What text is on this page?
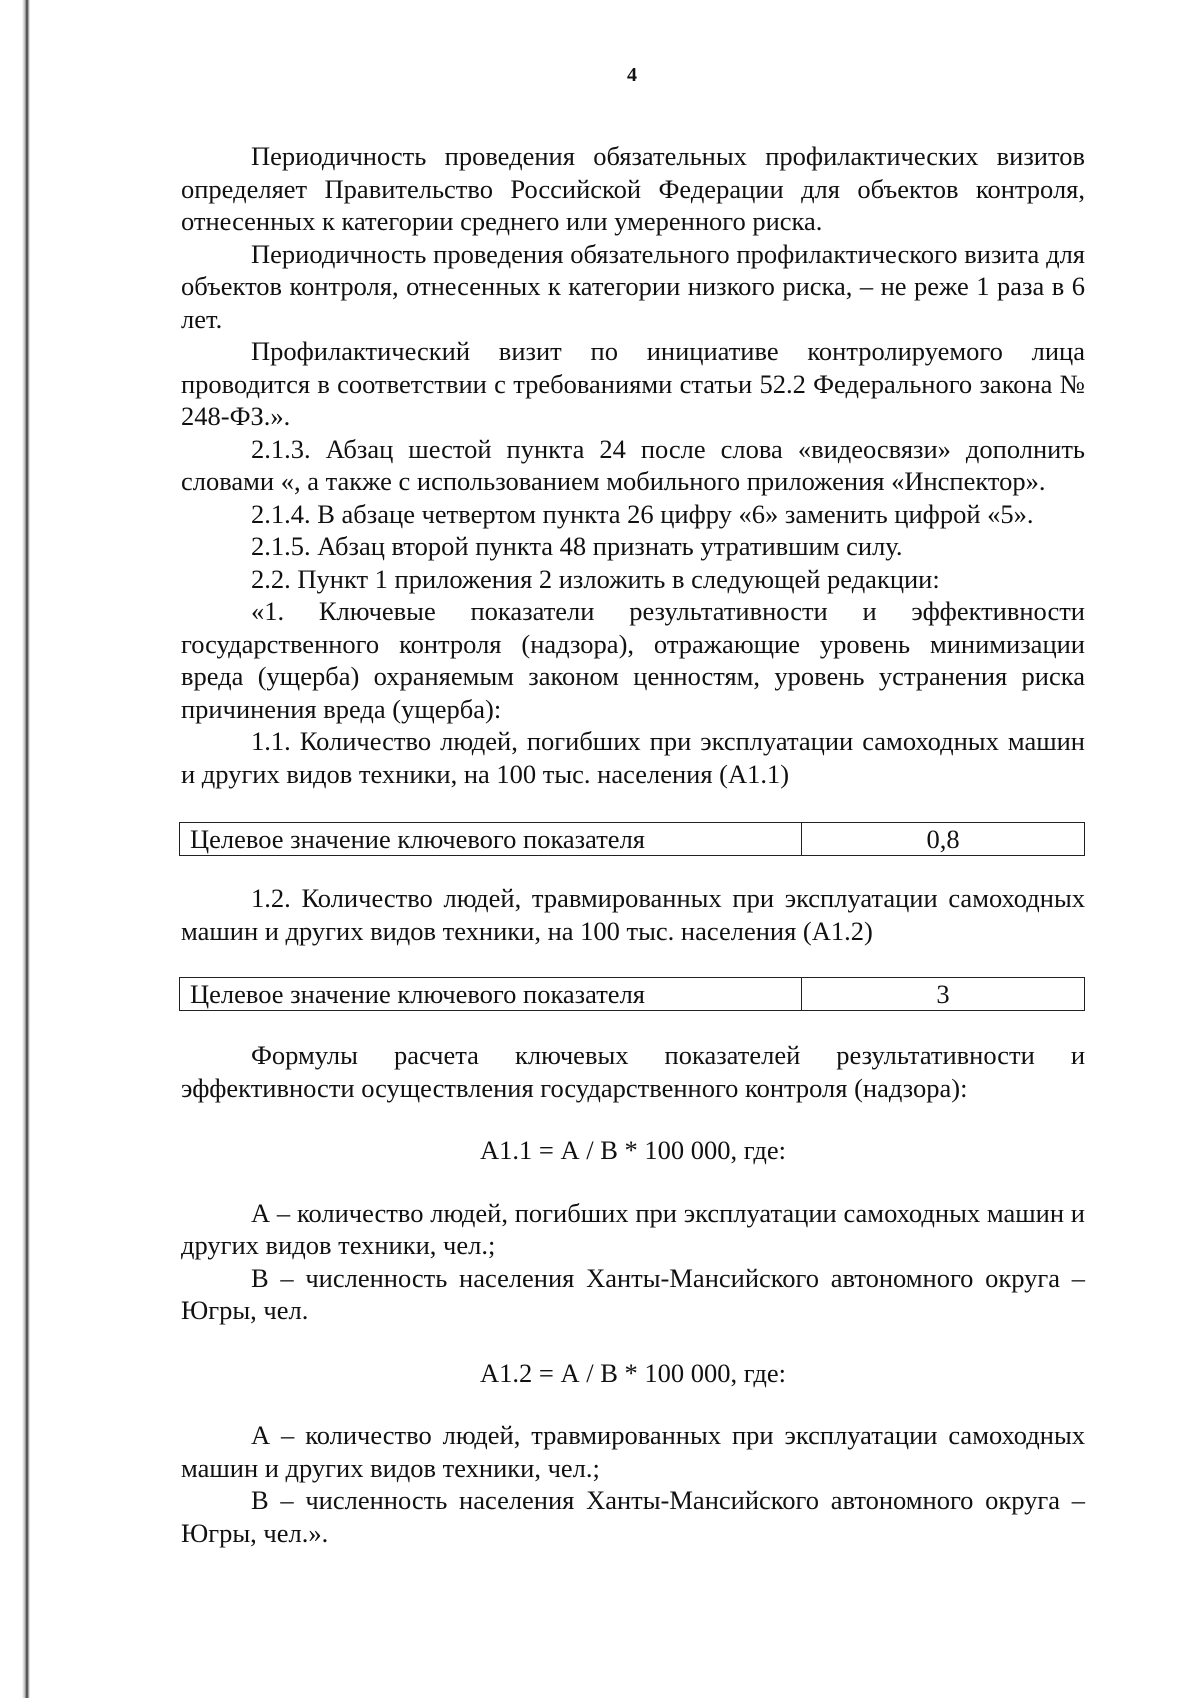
4

Периодичность проведения обязательных профилактических визитов определяет Правительство Российской Федерации для объектов контроля, отнесенных к категории среднего или умеренного риска.

Периодичность проведения обязательного профилактического визита для объектов контроля, отнесенных к категории низкого риска, – не реже 1 раза в 6 лет.

Профилактический визит по инициативе контролируемого лица проводится в соответствии с требованиями статьи 52.2 Федерального закона № 248-ФЗ.».

2.1.3. Абзац шестой пункта 24 после слова «видеосвязи» дополнить словами «, а также с использованием мобильного приложения «Инспектор».

2.1.4. В абзаце четвертом пункта 26 цифру «6» заменить цифрой «5».

2.1.5. Абзац второй пункта 48 признать утратившим силу.

2.2. Пункт 1 приложения 2 изложить в следующей редакции:

«1. Ключевые показатели результативности и эффективности государственного контроля (надзора), отражающие уровень минимизации вреда (ущерба) охраняемым законом ценностям, уровень устранения риска причинения вреда (ущерба):

1.1. Количество людей, погибших при эксплуатации самоходных машин и других видов техники, на 100 тыс. населения (А1.1)

Целевое значение ключевого показателя	0,8

1.2. Количество людей, травмированных при эксплуатации самоходных машин и других видов техники, на 100 тыс. населения (А1.2)

Целевое значение ключевого показателя	3

Формулы расчета ключевых показателей результативности и эффективности осуществления государственного контроля (надзора):

А1.1 = А / В * 100 000, где:

А – количество людей, погибших при эксплуатации самоходных машин и других видов техники, чел.;

В – численность населения Ханты-Мансийского автономного округа – Югры, чел.

А1.2 = А / В * 100 000, где:

А – количество людей, травмированных при эксплуатации самоходных машин и других видов техники, чел.;

В – численность населения Ханты-Мансийского автономного округа – Югры, чел.».
